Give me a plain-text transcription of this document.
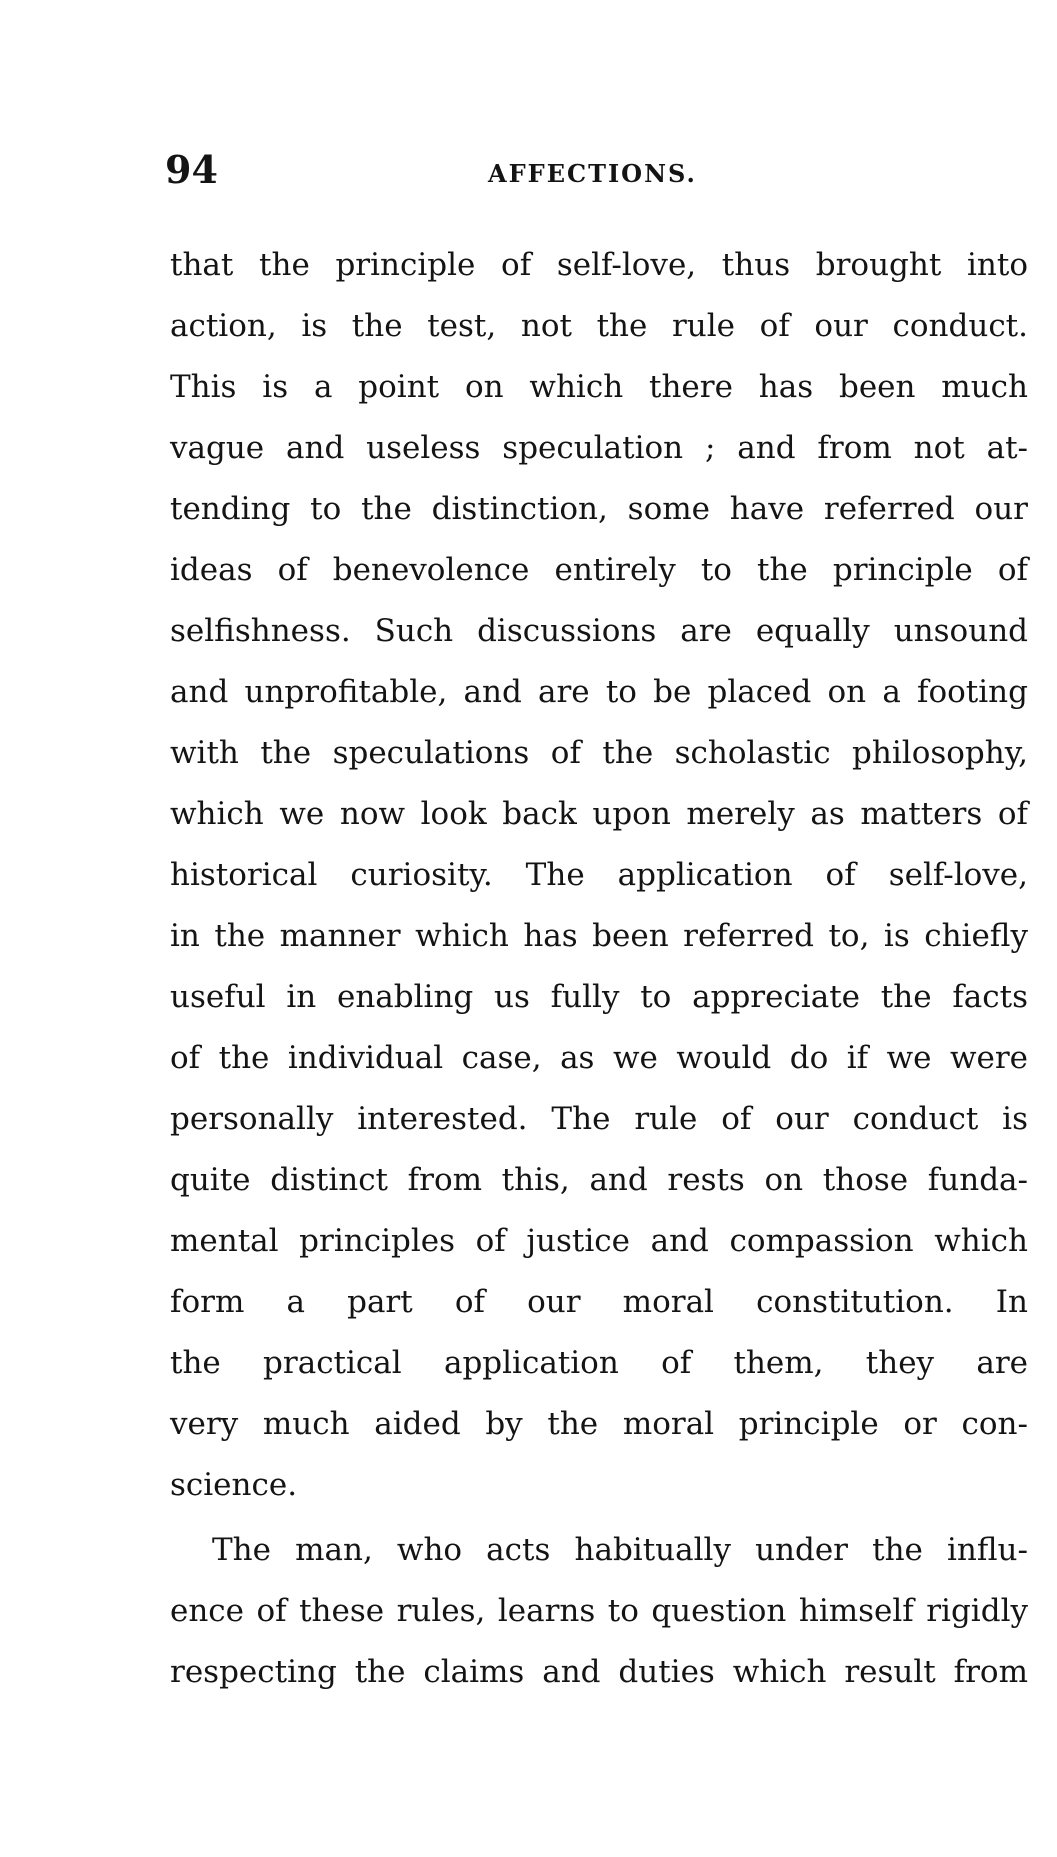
94	AFFECTIONS.

that the principle of self-love, thus brought into
action, is the test, not the rule of our conduct.
This is a point on which there has been much
vague and useless speculation ; and from not at-
tending to the distinction, some have referred our
ideas of benevolence entirely to the principle of
selfishness. Such discussions are equally unsound
and unprofitable, and are to be placed on a footing
with the speculations of the scholastic philosophy,
which we now look back upon merely as matters of
historical curiosity. The application of self-love,
in the manner which has been referred to, is chiefly
useful in enabling us fully to appreciate the facts
of the individual case, as we would do if we were
personally interested. The rule of our conduct is
quite distinct from this, and rests on those funda-
mental principles of justice and compassion which
form a part of our moral constitution. In
the practical application of them, they are
very much aided by the moral principle or con-
science.
The man, who acts habitually under the influ-
ence of these rules, learns to question himself rigidly
respecting the claims and duties which result from
